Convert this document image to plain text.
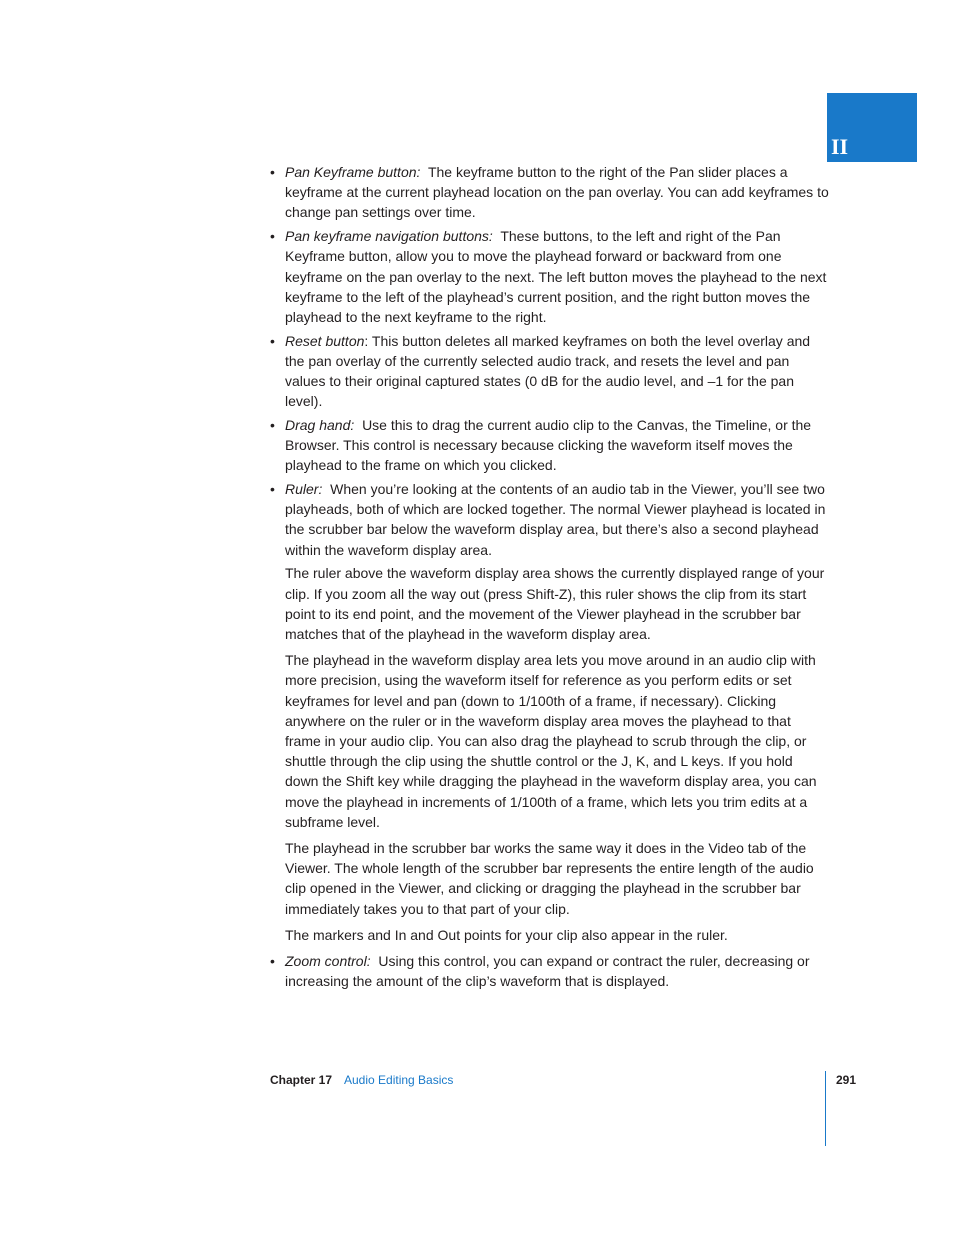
II
• Pan Keyframe button: The keyframe button to the right of the Pan slider places a keyframe at the current playhead location on the pan overlay. You can add keyframes to change pan settings over time.
• Pan keyframe navigation buttons: These buttons, to the left and right of the Pan Keyframe button, allow you to move the playhead forward or backward from one keyframe on the pan overlay to the next. The left button moves the playhead to the next keyframe to the left of the playhead’s current position, and the right button moves the playhead to the next keyframe to the right.
• Reset button: This button deletes all marked keyframes on both the level overlay and the pan overlay of the currently selected audio track, and resets the level and pan values to their original captured states (0 dB for the audio level, and –1 for the pan level).
• Drag hand: Use this to drag the current audio clip to the Canvas, the Timeline, or the Browser. This control is necessary because clicking the waveform itself moves the playhead to the frame on which you clicked.
• Ruler: When you’re looking at the contents of an audio tab in the Viewer, you’ll see two playheads, both of which are locked together. The normal Viewer playhead is located in the scrubber bar below the waveform display area, but there’s also a second playhead within the waveform display area.

The ruler above the waveform display area shows the currently displayed range of your clip. If you zoom all the way out (press Shift-Z), this ruler shows the clip from its start point to its end point, and the movement of the Viewer playhead in the scrubber bar matches that of the playhead in the waveform display area.

The playhead in the waveform display area lets you move around in an audio clip with more precision, using the waveform itself for reference as you perform edits or set keyframes for level and pan (down to 1/100th of a frame, if necessary). Clicking anywhere on the ruler or in the waveform display area moves the playhead to that frame in your audio clip. You can also drag the playhead to scrub through the clip, or shuttle through the clip using the shuttle control or the J, K, and L keys. If you hold down the Shift key while dragging the playhead in the waveform display area, you can move the playhead in increments of 1/100th of a frame, which lets you trim edits at a subframe level.

The playhead in the scrubber bar works the same way it does in the Video tab of the Viewer. The whole length of the scrubber bar represents the entire length of the audio clip opened in the Viewer, and clicking or dragging the playhead in the scrubber bar immediately takes you to that part of your clip.

The markers and In and Out points for your clip also appear in the ruler.

• Zoom control: Using this control, you can expand or contract the ruler, decreasing or increasing the amount of the clip’s waveform that is displayed.
Chapter 17 Audio Editing Basics	291
